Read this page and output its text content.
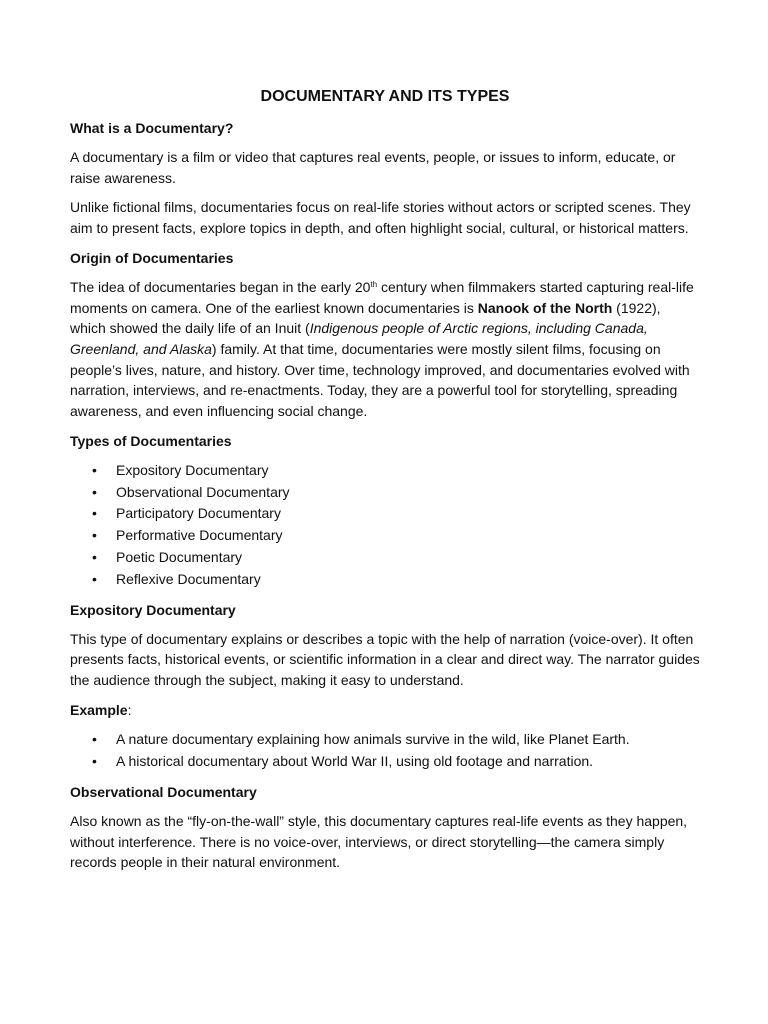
DOCUMENTARY AND ITS TYPES
What is a Documentary?

A documentary is a film or video that captures real events, people, or issues to inform, educate, or raise awareness.

Unlike fictional films, documentaries focus on real-life stories without actors or scripted scenes. They aim to present facts, explore topics in depth, and often highlight social, cultural, or historical matters.

Origin of Documentaries

The idea of documentaries began in the early 20th century when filmmakers started capturing real-life moments on camera. One of the earliest known documentaries is Nanook of the North (1922), which showed the daily life of an Inuit (Indigenous people of Arctic regions, including Canada, Greenland, and Alaska) family. At that time, documentaries were mostly silent films, focusing on people’s lives, nature, and history. Over time, technology improved, and documentaries evolved with narration, interviews, and re-enactments. Today, they are a powerful tool for storytelling, spreading awareness, and even influencing social change.

Types of Documentaries
• Expository Documentary
• Observational Documentary
• Participatory Documentary
• Performative Documentary
• Poetic Documentary
• Reflexive Documentary
Expository Documentary

This type of documentary explains or describes a topic with the help of narration (voice-over). It often presents facts, historical events, or scientific information in a clear and direct way. The narrator guides the audience through the subject, making it easy to understand.

Example:

• A nature documentary explaining how animals survive in the wild, like Planet Earth.
• A historical documentary about World War II, using old footage and narration.
Observational Documentary

Also known as the “fly-on-the-wall” style, this documentary captures real-life events as they happen, without interference. There is no voice-over, interviews, or direct storytelling—the camera simply records people in their natural environment.
